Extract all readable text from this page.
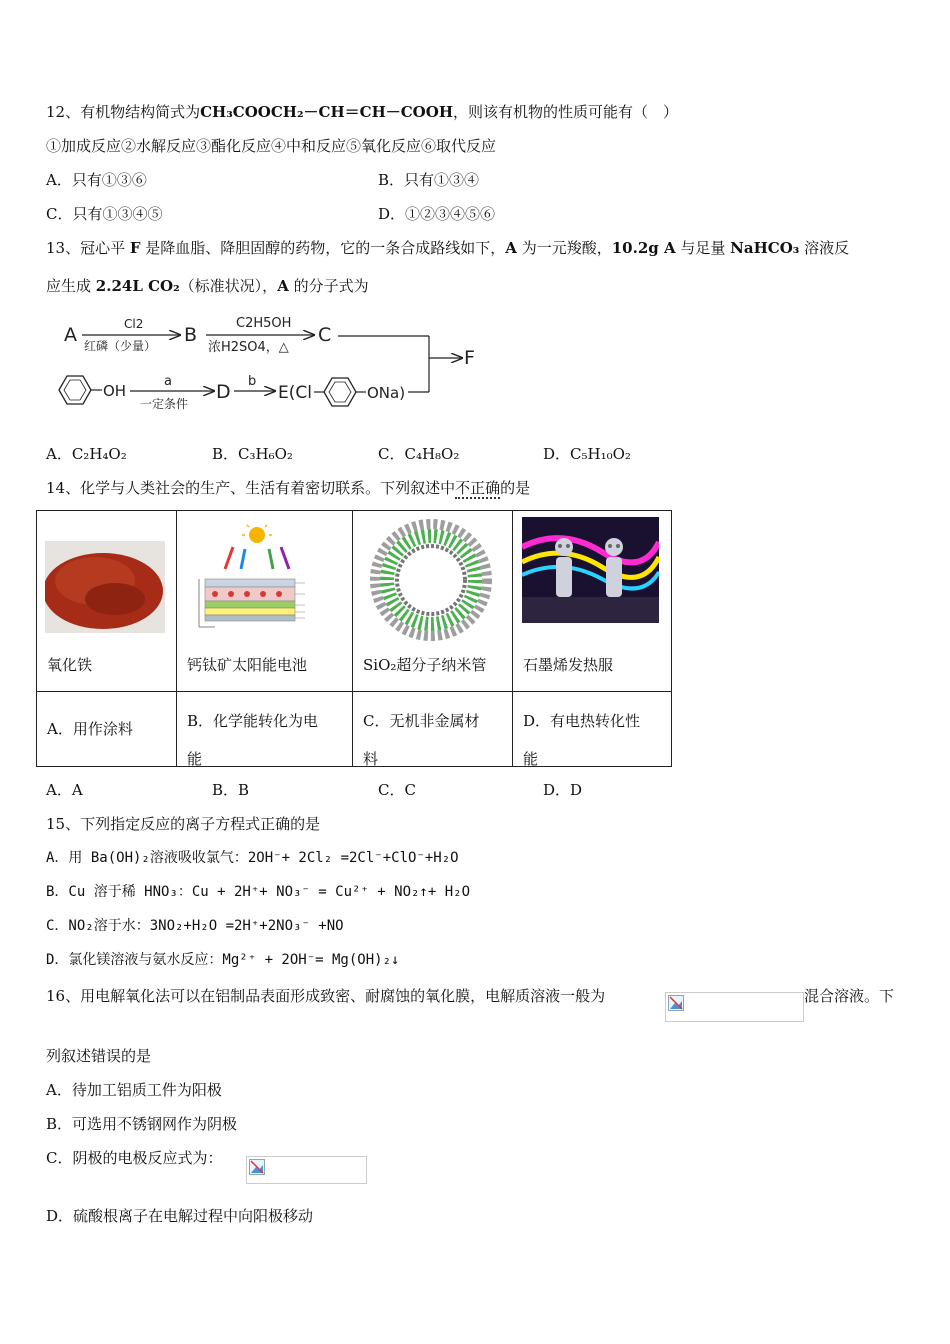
12、有机物结构简式为CH₃COOCH₂－CH＝CH－COOH，则该有机物的性质可能有（　）
①加成反应②水解反应③酯化反应④中和反应⑤氧化反应⑥取代反应
A．只有①③⑥	B．只有①③④
C．只有①③④⑤	D．①②③④⑤⑥
13、冠心平 F 是降血脂、降胆固醇的药物，它的一条合成路线如下，A 为一元羧酸，10.2g A 与足量 NaHCO₃ 溶液反
应生成 2.24L CO₂（标准状况），A 的分子式为
A	Cl2
红磷（少量） B
C2H5OH
浓H2SO4，△
C
F
OH
a
一定条件
D b
E(Cl	ONa)
A．C₂H₄O₂	B．C₃H₆O₂	C．C₄H₈O₂	D．C₅H₁₀O₂
14、化学与人类社会的生产、生活有着密切联系。下列叙述中不正确的是
氧化铁	钙钛矿太阳能电池	SiO₂超分子纳米管	石墨烯发热服

A．用作涂料	B．化学能转化为电能	C．无机非金属材料	D．有电热转化性能
A．A	B．B	C．C	D．D
15、下列指定反应的离子方程式正确的是
A．用 Ba(OH)₂溶液吸收氯气：2OH⁻+ 2Cl₂ =2Cl⁻+ClO⁻+H₂O
B．Cu 溶于稀 HNO₃：Cu + 2H⁺+ NO₃⁻ = Cu²⁺ + NO₂↑+ H₂O
C．NO₂溶于水：3NO₂+H₂O =2H⁺+2NO₃⁻ +NO
D．氯化镁溶液与氨水反应：Mg²⁺ + 2OH⁻= Mg(OH)₂↓
16、用电解氧化法可以在铝制品表面形成致密、耐腐蚀的氧化膜，电解质溶液一般为	混合溶液。下
列叙述错误的是
A．待加工铝质工件为阳极
B．可选用不锈钢网作为阴极
C．阴极的电极反应式为：
D．硫酸根离子在电解过程中向阳极移动
